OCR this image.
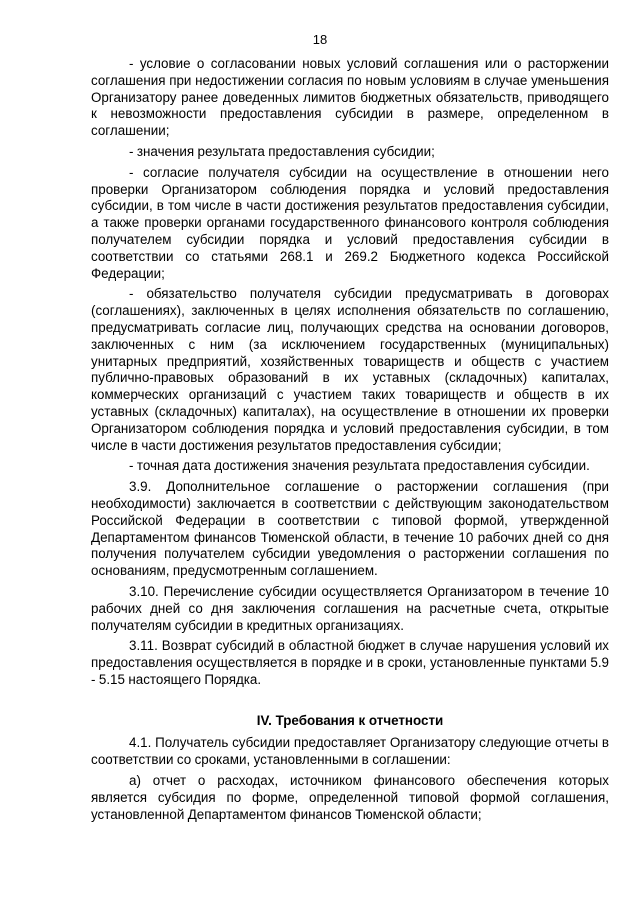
18

- условие о согласовании новых условий соглашения или о расторжении соглашения при недостижении согласия по новым условиям в случае уменьшения Организатору ранее доведенных лимитов бюджетных обязательств, приводящего к невозможности предоставления субсидии в размере, определенном в соглашении;

- значения результата предоставления субсидии;

- согласие получателя субсидии на осуществление в отношении него проверки Организатором соблюдения порядка и условий предоставления субсидии, в том числе в части достижения результатов предоставления субсидии, а также проверки органами государственного финансового контроля соблюдения получателем субсидии порядка и условий предоставления субсидии в соответствии со статьями 268.1 и 269.2 Бюджетного кодекса Российской Федерации;

- обязательство получателя субсидии предусматривать в договорах (соглашениях), заключенных в целях исполнения обязательств по соглашению, предусматривать согласие лиц, получающих средства на основании договоров, заключенных с ним (за исключением государственных (муниципальных) унитарных предприятий, хозяйственных товариществ и обществ с участием публично-правовых образований в их уставных (складочных) капиталах, коммерческих организаций с участием таких товариществ и обществ в их уставных (складочных) капиталах), на осуществление в отношении их проверки Организатором соблюдения порядка и условий предоставления субсидии, в том числе в части достижения результатов предоставления субсидии;

- точная дата достижения значения результата предоставления субсидии.

3.9. Дополнительное соглашение о расторжении соглашения (при необходимости) заключается в соответствии с действующим законодательством Российской Федерации в соответствии с типовой формой, утвержденной Департаментом финансов Тюменской области, в течение 10 рабочих дней со дня получения получателем субсидии уведомления о расторжении соглашения по основаниям, предусмотренным соглашением.

3.10. Перечисление субсидии осуществляется Организатором в течение 10 рабочих дней со дня заключения соглашения на расчетные счета, открытые получателям субсидии в кредитных организациях.

3.11. Возврат субсидий в областной бюджет в случае нарушения условий их предоставления осуществляется в порядке и в сроки, установленные пунктами 5.9 - 5.15 настоящего Порядка.

IV. Требования к отчетности

4.1. Получатель субсидии предоставляет Организатору следующие отчеты в соответствии со сроками, установленными в соглашении:

а) отчет о расходах, источником финансового обеспечения которых является субсидия по форме, определенной типовой формой соглашения, установленной Департаментом финансов Тюменской области;
